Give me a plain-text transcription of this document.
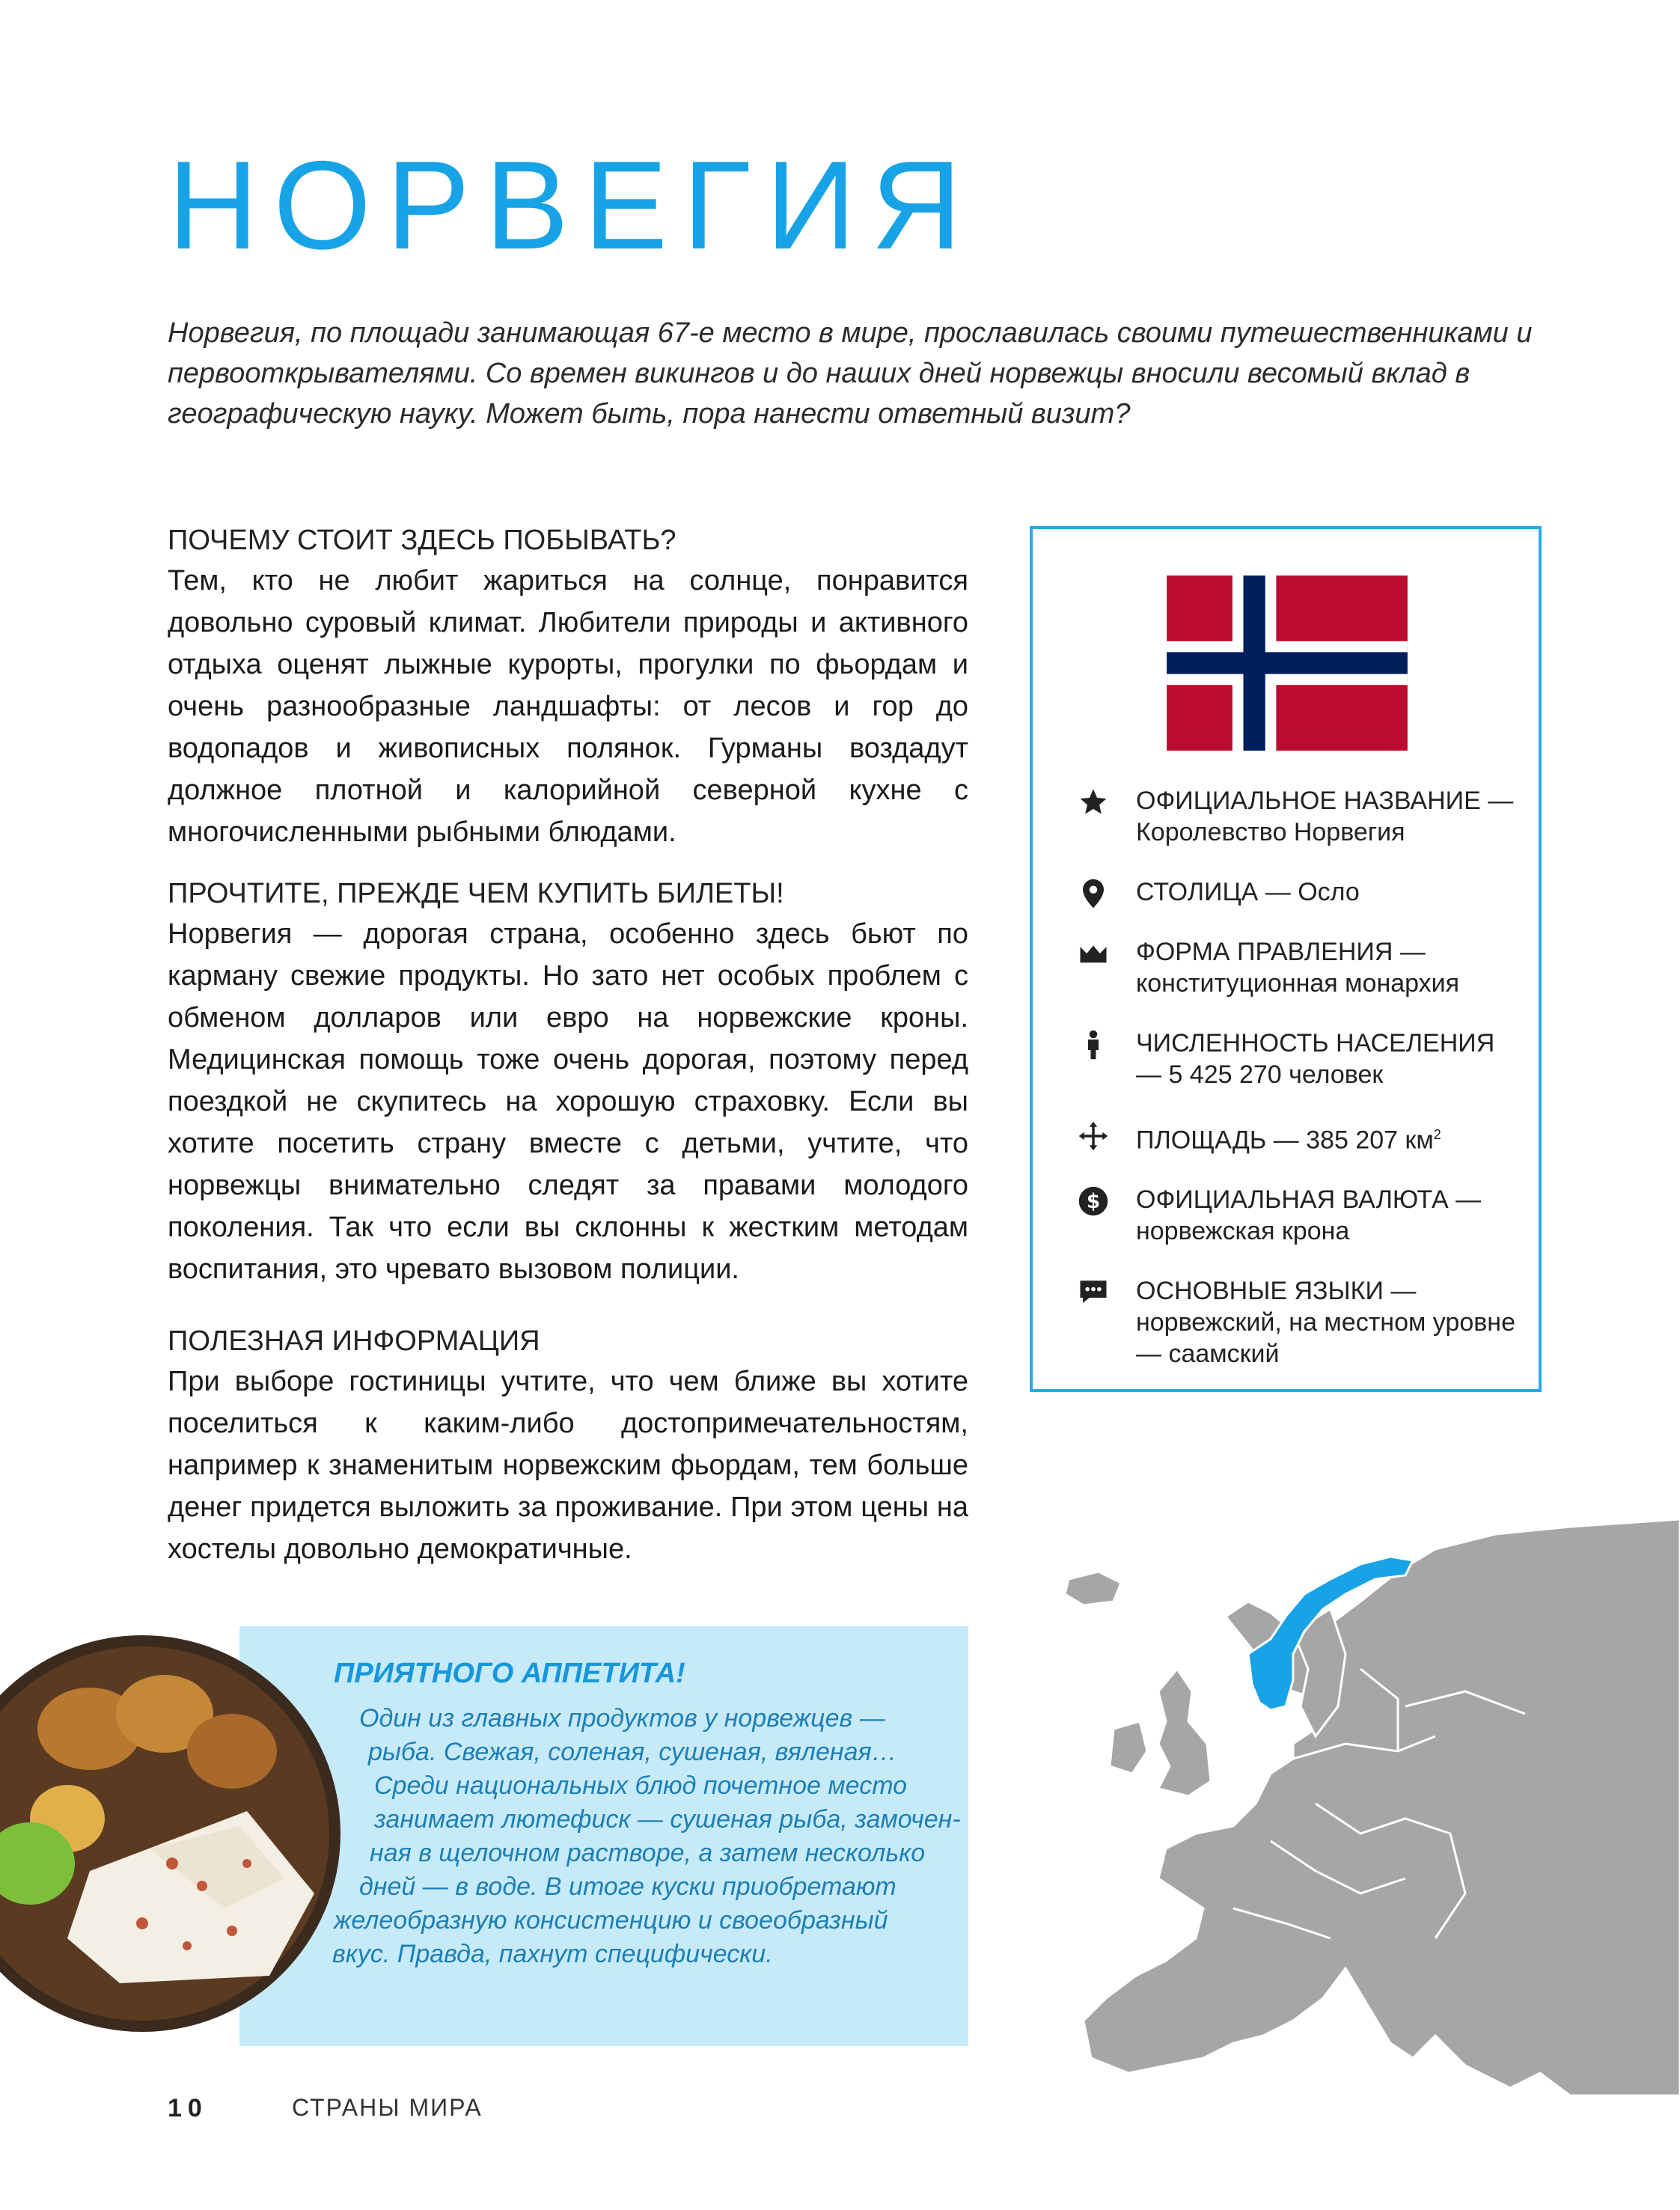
НОРВЕГИЯ

Норвегия, по площади занимающая 67-е место в мире, прославилась своими путешественниками и первооткрывателями. Со времен викингов и до наших дней норвежцы вносили весомый вклад в географическую науку. Может быть, пора нанести ответный визит?

ПОЧЕМУ СТОИТ ЗДЕСЬ ПОБЫВАТЬ?

Тем, кто не любит жариться на солнце, понравится довольно суровый климат. Любители природы и активного отдыха оценят лыжные курорты, прогулки по фьордам и очень разнообразные ландшафты: от лесов и гор до водопадов и живописных полянок. Гурманы воздадут должное плотной и калорийной северной кухне с многочисленными рыбными блюдами.

ПРОЧТИТЕ, ПРЕЖДЕ ЧЕМ КУПИТЬ БИЛЕТЫ!

Норвегия — дорогая страна, особенно здесь бьют по карману свежие продукты. Но зато нет особых проблем с обменом долларов или евро на норвежские кроны. Медицинская помощь тоже очень дорогая, поэтому перед поездкой не скупитесь на хорошую страховку. Если вы хотите посетить страну вместе с детьми, учтите, что норвежцы внимательно следят за правами молодого поколения. Так что если вы склонны к жестким методам воспитания, это чревато вызовом полиции.

ПОЛЕЗНАЯ ИНФОРМАЦИЯ

При выборе гостиницы учтите, что чем ближе вы хотите поселиться к каким-либо достопримечательностям, например к знаменитым норвежским фьордам, тем больше денег придется выложить за проживание. При этом цены на хостелы довольно демократичные.

ОФИЦИАЛЬНОЕ НАЗВАНИЕ — Королевство Норвегия
СТОЛИЦА — Осло
ФОРМА ПРАВЛЕНИЯ — конституционная монархия
ЧИСЛЕННОСТЬ НАСЕЛЕНИЯ — 5 425 270 человек
ПЛОЩАДЬ — 385 207 $км^2$
$ ОФИЦИАЛЬНАЯ ВАЛЮТА — норвежская крона
ОСНОВНЫЕ ЯЗЫКИ — норвежский, на местном уровне — саамский
ПРИЯТНОГО АППЕТИТА!
Один из главных продуктов у норвежцев —
рыба. Свежая, соленая, сушеная, вяленая…
Среди национальных блюд почетное место
занимает лютефиск — сушеная рыба, замочен-
ная в щелочном растворе, а затем несколько
дней — в воде. В итоге куски приобретают
желеобразную консистенцию и своеобразный
вкус. Правда, пахнут специфически.
10	СТРАНЫ МИРА
